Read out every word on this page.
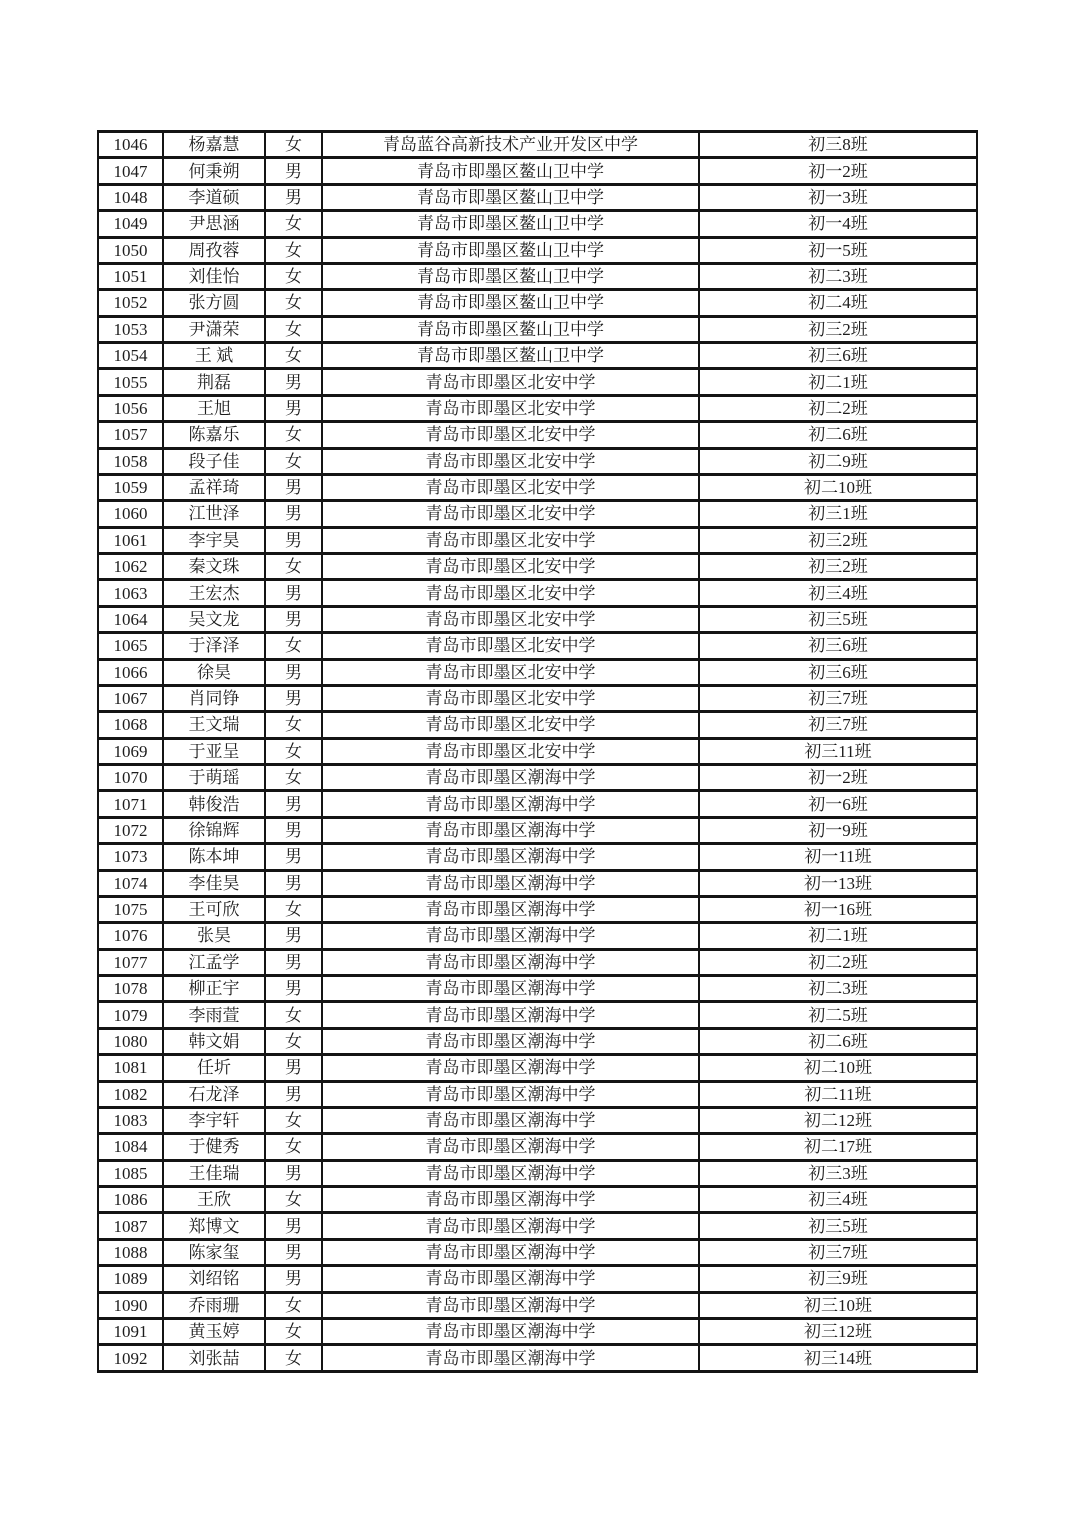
1046	杨嘉慧	女	青岛蓝谷高新技术产业开发区中学	初三8班
1047	何秉朔	男	青岛市即墨区鳌山卫中学	初一2班
1048	李道硕	男	青岛市即墨区鳌山卫中学	初一3班
1049	尹思涵	女	青岛市即墨区鳌山卫中学	初一4班
1050	周孜蓉	女	青岛市即墨区鳌山卫中学	初一5班
1051	刘佳怡	女	青岛市即墨区鳌山卫中学	初二3班
1052	张方圆	女	青岛市即墨区鳌山卫中学	初二4班
1053	尹潇荣	女	青岛市即墨区鳌山卫中学	初三2班
1054	王 斌	女	青岛市即墨区鳌山卫中学	初三6班
1055	荆磊	男	青岛市即墨区北安中学	初二1班
1056	王旭	男	青岛市即墨区北安中学	初二2班
1057	陈嘉乐	女	青岛市即墨区北安中学	初二6班
1058	段子佳	女	青岛市即墨区北安中学	初二9班
1059	孟祥琦	男	青岛市即墨区北安中学	初二10班
1060	江世泽	男	青岛市即墨区北安中学	初三1班
1061	李宇昊	男	青岛市即墨区北安中学	初三2班
1062	秦文珠	女	青岛市即墨区北安中学	初三2班
1063	王宏杰	男	青岛市即墨区北安中学	初三4班
1064	吴文龙	男	青岛市即墨区北安中学	初三5班
1065	于泽泽	女	青岛市即墨区北安中学	初三6班
1066	徐昊	男	青岛市即墨区北安中学	初三6班
1067	肖同铮	男	青岛市即墨区北安中学	初三7班
1068	王文瑞	女	青岛市即墨区北安中学	初三7班
1069	于亚呈	女	青岛市即墨区北安中学	初三11班
1070	于萌瑶	女	青岛市即墨区潮海中学	初一2班
1071	韩俊浩	男	青岛市即墨区潮海中学	初一6班
1072	徐锦辉	男	青岛市即墨区潮海中学	初一9班
1073	陈本坤	男	青岛市即墨区潮海中学	初一11班
1074	李佳昊	男	青岛市即墨区潮海中学	初一13班
1075	王可欣	女	青岛市即墨区潮海中学	初一16班
1076	张昊	男	青岛市即墨区潮海中学	初二1班
1077	江孟学	男	青岛市即墨区潮海中学	初二2班
1078	柳正宇	男	青岛市即墨区潮海中学	初二3班
1079	李雨萱	女	青岛市即墨区潮海中学	初二5班
1080	韩文娟	女	青岛市即墨区潮海中学	初二6班
1081	任圻	男	青岛市即墨区潮海中学	初二10班
1082	石龙泽	男	青岛市即墨区潮海中学	初二11班
1083	李宇轩	女	青岛市即墨区潮海中学	初二12班
1084	于健秀	女	青岛市即墨区潮海中学	初二17班
1085	王佳瑞	男	青岛市即墨区潮海中学	初三3班
1086	王欣	女	青岛市即墨区潮海中学	初三4班
1087	郑博文	男	青岛市即墨区潮海中学	初三5班
1088	陈家玺	男	青岛市即墨区潮海中学	初三7班
1089	刘绍铭	男	青岛市即墨区潮海中学	初三9班
1090	乔雨珊	女	青岛市即墨区潮海中学	初三10班
1091	黄玉婷	女	青岛市即墨区潮海中学	初三12班
1092	刘张喆	女	青岛市即墨区潮海中学	初三14班
